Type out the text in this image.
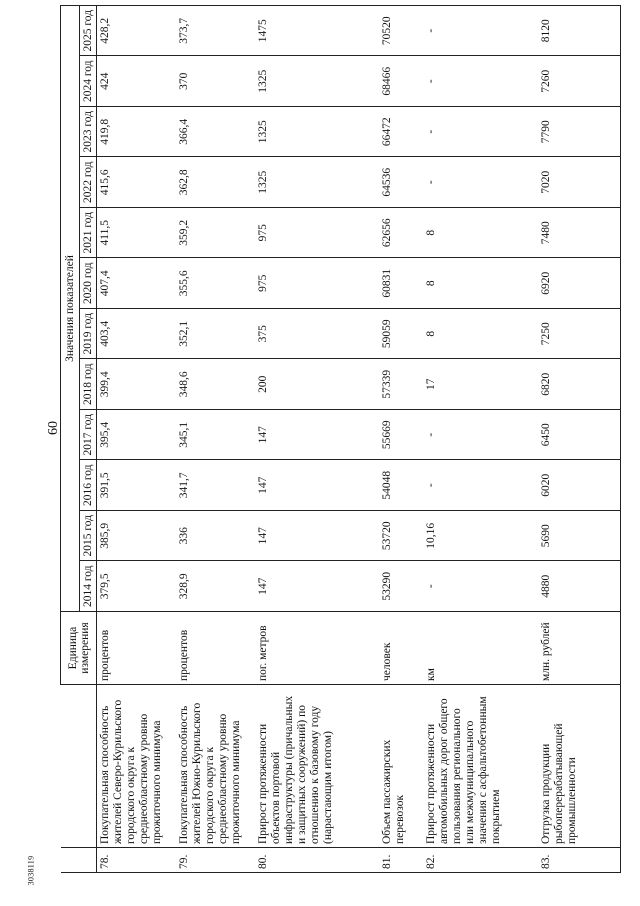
60
3038119
		Единица измерения	Значения показателей											
			2014 год	2015 год	2016 год	2017 год	2018 год	2019 год	2020 год	2021 год	2022 год	2023 год	2024 год	2025 год
78.	Покупательная способность жителей Северо-Курильского городского округа к среднеобластному уровню прожиточного минимума	процентов	379,5	385,9	391,5	395,4	399,4	403,4	407,4	411,5	415,6	419,8	424	428,2
79.	Покупательная способность жителей Южно-Курильского городского округа к среднеобластному уровню прожиточного минимума	процентов	328,9	336	341,7	345,1	348,6	352,1	355,6	359,2	362,8	366,4	370	373,7
80.	Прирост протяженности объектов портовой инфраструктуры (причальных и защитных сооружений) по отношению к базовому году (нарастающим итогом)	пог. метров	147	147	147	147	200	375	975	975	1325	1325	1325	1475
81.	Объем пассажирских перевозок	человек	53290	53720	54048	55669	57339	59059	60831	62656	64536	66472	68466	70520
82.	Прирост протяженности автомобильных дорог общего пользования регионального или межмуниципального значения с асфальтобетонным покрытием	км	-	10,16	-	-	17	8	8	8	-	-	-	-
83.	Отгрузка продукции рыбоперерабатывающей промышленности	млн. рублей	4880	5690	6020	6450	6820	7250	6920	7480	7020	7790	7260	8120
